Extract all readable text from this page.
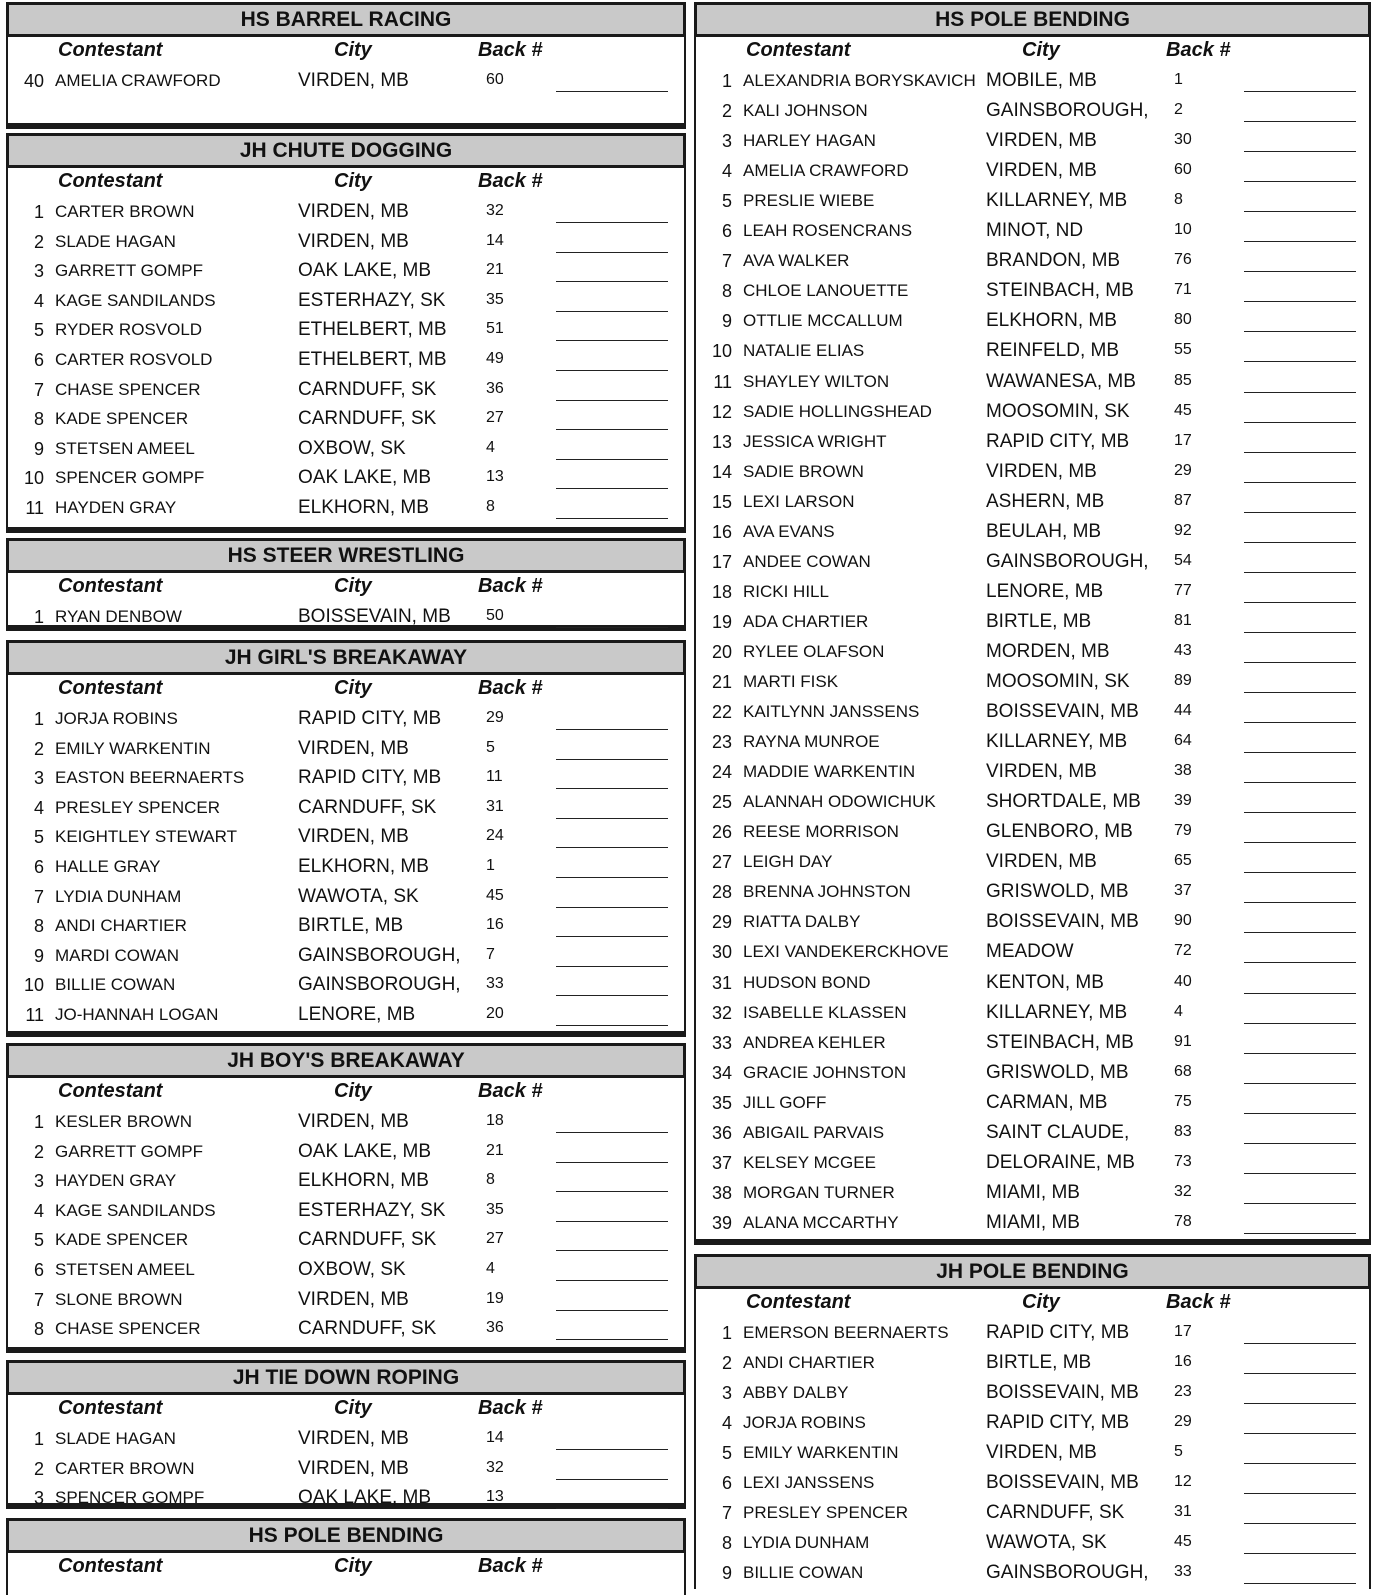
HS BARREL RACING
Contestant	City	Back #
40 AMELIA CRAWFORD	VIRDEN, MB	60
JH CHUTE DOGGING
Contestant	City	Back #
1 CARTER BROWN	VIRDEN, MB	32
2 SLADE HAGAN	VIRDEN, MB	14
3 GARRETT GOMPF	OAK LAKE, MB	21
4 KAGE SANDILANDS	ESTERHAZY, SK	35
5 RYDER ROSVOLD	ETHELBERT, MB 51
6 CARTER ROSVOLD	ETHELBERT, MB 49
7 CHASE SPENCER	CARNDUFF, SK	36
8 KADE SPENCER	CARNDUFF, SK	27
9 STETSEN AMEEL	OXBOW, SK	4
10 SPENCER GOMPF	OAK LAKE, MB	13
11 HAYDEN GRAY	ELKHORN, MB	8
HS STEER WRESTLING
Contestant	City	Back #
1 RYAN DENBOW	BOISSEVAIN, MB 50
JH GIRL'S BREAKAWAY
Contestant	City	Back #
1 JORJA ROBINS	RAPID CITY, MB	29
2 EMILY WARKENTIN	VIRDEN, MB	5
3 EASTON BEERNAERTS	RAPID CITY, MB	11
4 PRESLEY SPENCER	CARNDUFF, SK	31
5 KEIGHTLEY STEWART	VIRDEN, MB	24
6 HALLE GRAY	ELKHORN, MB	1
7 LYDIA DUNHAM	WAWOTA, SK	45
8 ANDI CHARTIER	BIRTLE, MB	16
9 MARDI COWAN	GAINSBOROUGH, 7
10 BILLIE COWAN	GAINSBOROUGH, 33
11 JO-HANNAH LOGAN	LENORE, MB	20
JH BOY'S BREAKAWAY
Contestant	City	Back #
1 KESLER BROWN	VIRDEN, MB	18
2 GARRETT GOMPF	OAK LAKE, MB	21
3 HAYDEN GRAY	ELKHORN, MB	8
4 KAGE SANDILANDS	ESTERHAZY, SK	35
5 KADE SPENCER	CARNDUFF, SK	27
6 STETSEN AMEEL	OXBOW, SK	4
7 SLONE BROWN	VIRDEN, MB	19
8 CHASE SPENCER	CARNDUFF, SK	36
JH TIE DOWN ROPING
Contestant	City	Back #
1 SLADE HAGAN	VIRDEN, MB	14
2 CARTER BROWN	VIRDEN, MB	32
3 SPENCER GOMPF	OAK LAKE, MB	13
HS POLE BENDING
Contestant	City	Back #
HS POLE BENDING
Contestant	City	Back #
1 ALEXANDRIA BORYSKAVICH MOBILE, MB	1
2 KALI JOHNSON	GAINSBOROUGH, 2
3 HARLEY HAGAN	VIRDEN, MB	30
4 AMELIA CRAWFORD	VIRDEN, MB	60
5 PRESLIE WIEBE	KILLARNEY, MB	8
6 LEAH ROSENCRANS	MINOT, ND	10
7 AVA WALKER	BRANDON, MB	76
8 CHLOE LANOUETTE	STEINBACH, MB	71
9 OTTLIE MCCALLUM	ELKHORN, MB	80
10 NATALIE ELIAS	REINFELD, MB	55
11 SHAYLEY WILTON	WAWANESA, MB 85
12 SADIE HOLLINGSHEAD	MOOSOMIN, SK	45
13 JESSICA WRIGHT	RAPID CITY, MB	17
14 SADIE BROWN	VIRDEN, MB	29
15 LEXI LARSON	ASHERN, MB	87
16 AVA EVANS	BEULAH, MB	92
17 ANDEE COWAN	GAINSBOROUGH, 54
18 RICKI HILL	LENORE, MB	77
19 ADA CHARTIER	BIRTLE, MB	81
20 RYLEE OLAFSON	MORDEN, MB	43
21 MARTI FISK	MOOSOMIN, SK	89
22 KAITLYNN JANSSENS	BOISSEVAIN, MB 44
23 RAYNA MUNROE	KILLARNEY, MB	64
24 MADDIE WARKENTIN	VIRDEN, MB	38
25 ALANNAH ODOWICHUK	SHORTDALE, MB 39
26 REESE MORRISON	GLENBORO, MB	79
27 LEIGH DAY	VIRDEN, MB	65
28 BRENNA JOHNSTON	GRISWOLD, MB	37
29 RIATTA DALBY	BOISSEVAIN, MB 90
30 LEXI VANDEKERCKHOVE MEADOW	72
31 HUDSON BOND	KENTON, MB	40
32 ISABELLE KLASSEN	KILLARNEY, MB	4
33 ANDREA KEHLER	STEINBACH, MB	91
34 GRACIE JOHNSTON	GRISWOLD, MB	68
35 JILL GOFF	CARMAN, MB	75
36 ABIGAIL PARVAIS	SAINT CLAUDE,	83
37 KELSEY MCGEE	DELORAINE, MB 73
38 MORGAN TURNER	MIAMI, MB	32
39 ALANA MCCARTHY	MIAMI, MB	78
JH POLE BENDING
Contestant	City	Back #
1 EMERSON BEERNAERTS RAPID CITY, MB	17
2 ANDI CHARTIER	BIRTLE, MB	16
3 ABBY DALBY	BOISSEVAIN, MB 23
4 JORJA ROBINS	RAPID CITY, MB	29
5 EMILY WARKENTIN	VIRDEN, MB	5
6 LEXI JANSSENS	BOISSEVAIN, MB 12
7 PRESLEY SPENCER	CARNDUFF, SK	31
8 LYDIA DUNHAM	WAWOTA, SK	45
9 BILLIE COWAN	GAINSBOROUGH, 33
